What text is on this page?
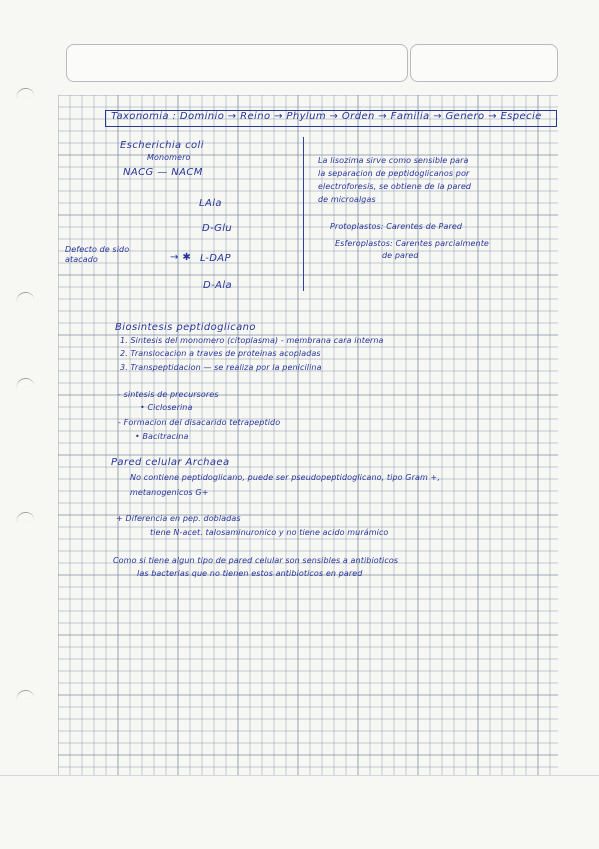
Taxonomia : Dominio → Reino → Phylum → Orden → Familia → Genero → Especie
Escherichia coli
Monomero
NACG — NACM
LAla
D-Glu
Defecto de sido atacado	→ ✱ L-DAP
D-Ala
La lisozima sirve como sensible para
la separacion de peptidoglicanos por
electroforesis, se obtiene de la pared
de microalgas
Protoplastos: Carentes de Pared
Esferoplastos: Carentes parcialmente
de pared
Biosintesis peptidoglicano
1. Sintesis del monomero (citoplasma) - membrana cara interna
2. Translocacion a traves de proteinas acopladas
3. Transpeptidacion — se realiza por la penicilina
- sintesis de precursores
• Cicloserina
- Formacion del disacarido tetrapeptido
• Bacitracina
Pared celular Archaea
No contiene peptidoglicano, puede ser pseudopeptidoglicano, tipo Gram +,
metanogenicos G+
+ Diferencia en pep. dobladas
tiene N-acet. talosaminuronico y no tiene acido murámico
Como si tiene algun tipo de pared celular son sensibles a antibioticos
las bacterias que no tienen estos antibioticos en pared
